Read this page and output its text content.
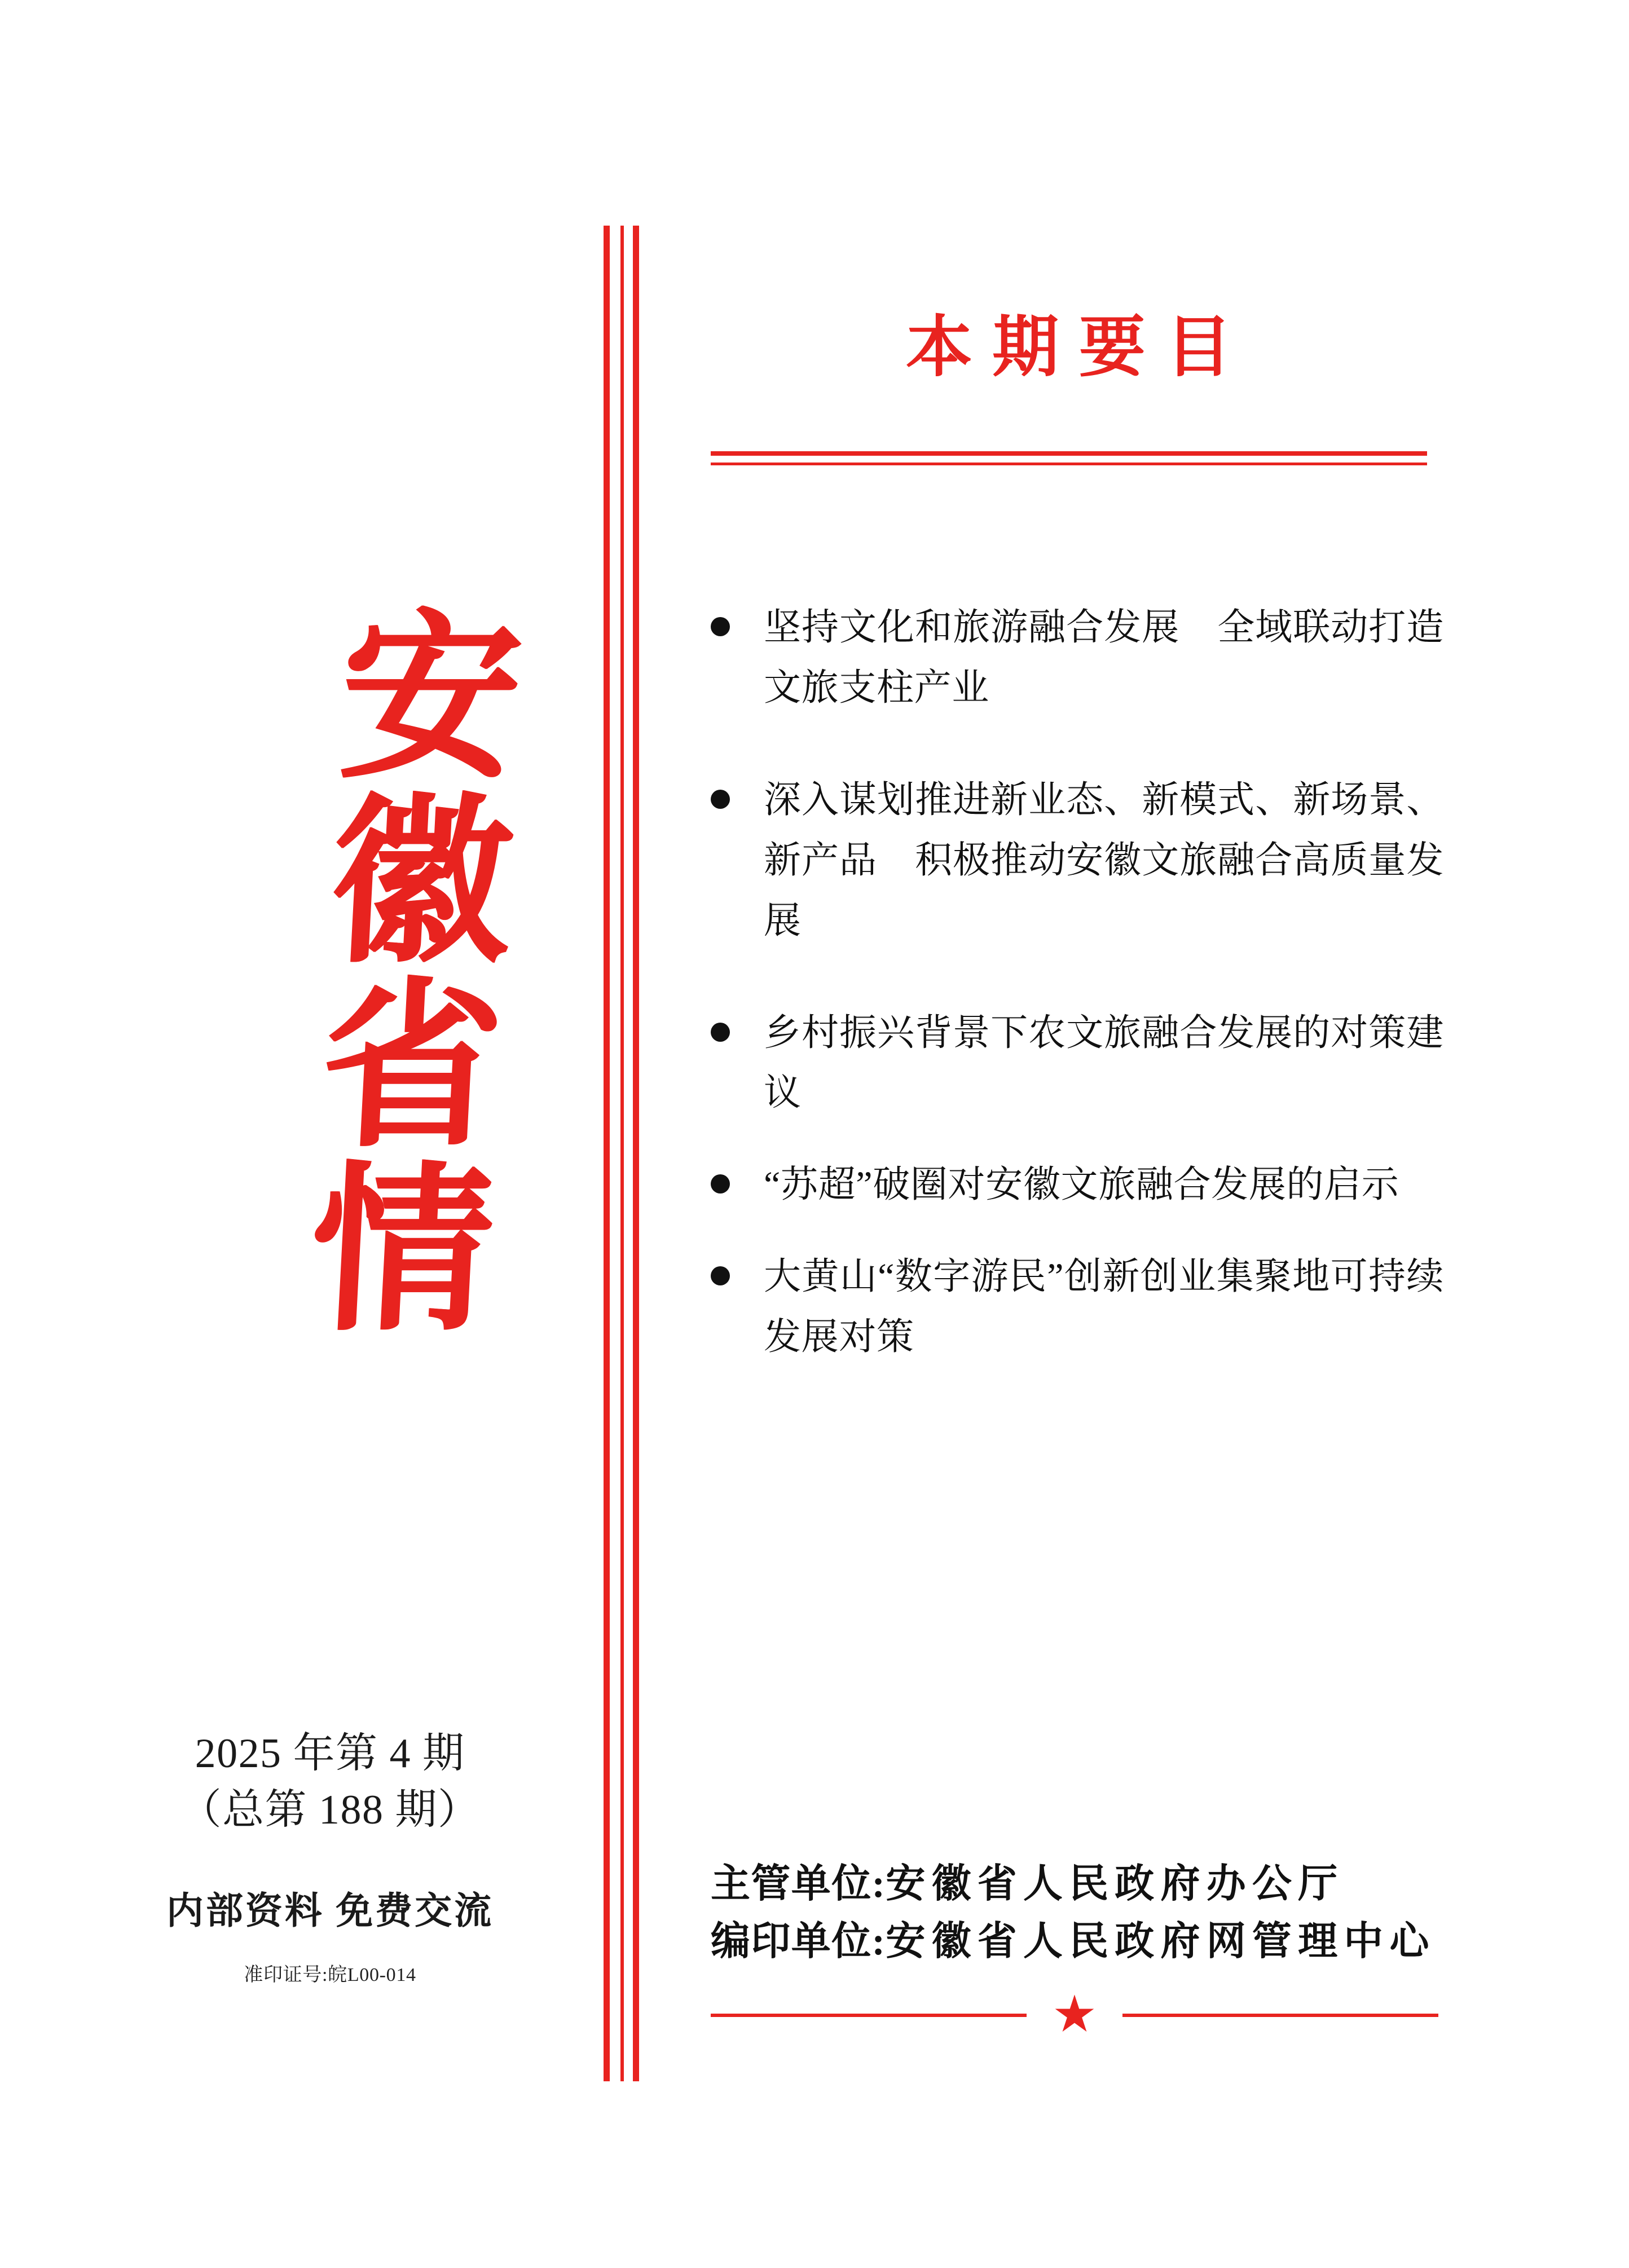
安徽省情
2025 年第 4 期
（总第 188 期）
内部资料 免费交流
准印证号:皖L00-014
本期要目
坚持文化和旅游融合发展　全域联动打造文旅支柱产业
深入谋划推进新业态、新模式、新场景、新产品　积极推动安徽文旅融合高质量发展
乡村振兴背景下农文旅融合发展的对策建议
“苏超”破圈对安徽文旅融合发展的启示
大黄山“数字游民”创新创业集聚地可持续发展对策
主管单位:安徽省人民政府办公厅
编印单位:安徽省人民政府网管理中心
★
